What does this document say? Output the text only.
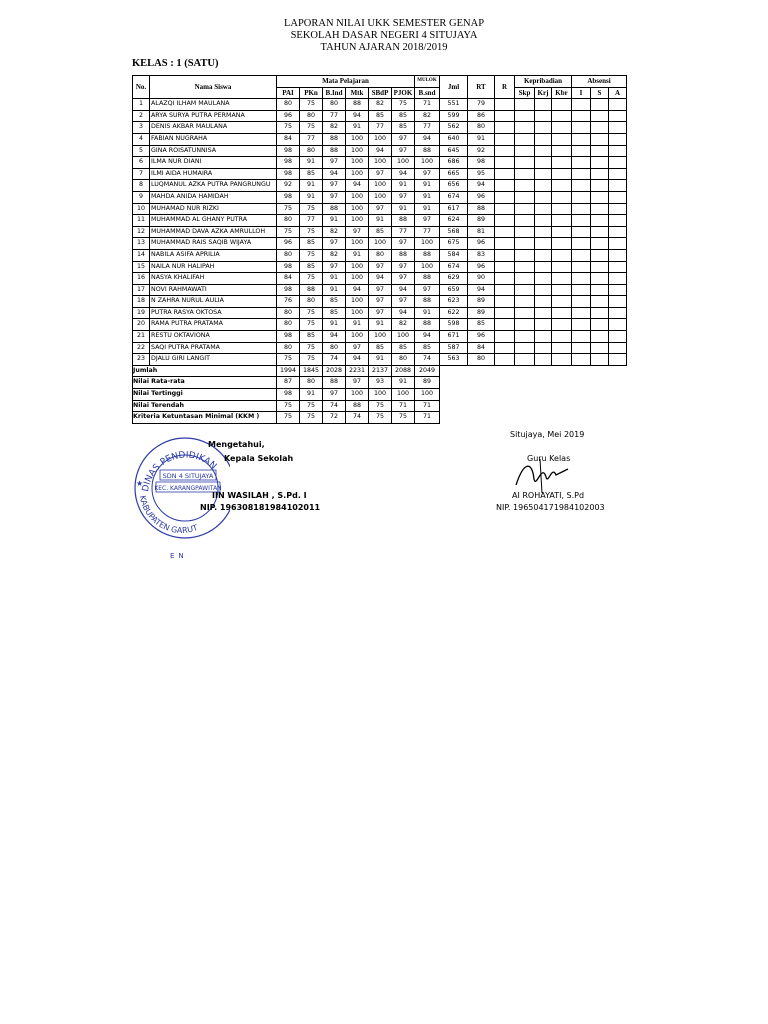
LAPORAN NILAI UKK SEMESTER GENAP
SEKOLAH DASAR NEGERI 4 SITUJAYA
TAHUN AJARAN 2018/2019
KELAS : 1 (SATU)
No.	Nama Siswa	Mata Pelajaran						MULOK	Jml	RT	R	Kepribadian			Absensi		
		PAI	PKn	B.Ind	Mtk	SBdP	PJOK	B.snd				Skp	Krj	Kbr	I	S	A
1	ALAZQI ILHAM MAULANA	80	75	80	88	82	75	71	551	79							
2	ARYA SURYA PUTRA PERMANA	96	80	77	94	85	85	82	599	86							
3	DENIS AKBAR MAULANA	75	75	82	91	77	85	77	562	80							
4	FABIAN NUGRAHA	84	77	88	100	100	97	94	640	91							
5	GINA ROISATUNNISA	98	80	88	100	94	97	88	645	92							
6	ILMA NUR DIANI	98	91	97	100	100	100	100	686	98							
7	ILMI AIDA HUMAIRA	98	85	94	100	97	94	97	665	95							
8	LUQMANUL AZKA PUTRA PANGRUNGU	92	91	97	94	100	91	91	656	94							
9	MAHDA ANIDA HAMIDAH	98	91	97	100	100	97	91	674	96							
10	MUHAMAD NUR RIZKI	75	75	88	100	97	91	91	617	88							
11	MUHAMMAD AL GHANY PUTRA	80	77	91	100	91	88	97	624	89							
12	MUHAMMAD DAVA AZKA AMRULLOH	75	75	82	97	85	77	77	568	81							
13	MUHAMMAD RAIS SAQIB WIJAYA	96	85	97	100	100	97	100	675	96							
14	NABILA ASIFA APRILIA	80	75	82	91	80	88	88	584	83							
15	NAILA NUR HALIPAH	98	85	97	100	97	97	100	674	96							
16	NASYA KHALIFAH	84	75	91	100	94	97	88	629	90							
17	NOVI RAHMAWATI	98	88	91	94	97	94	97	659	94							
18	N ZAHRA NURUL AULIA	76	80	85	100	97	97	88	623	89							
19	PUTRA RASYA OKTOSA	80	75	85	100	97	94	91	622	89							
20	RAMA PUTRA PRATAMA	80	75	91	91	91	82	88	598	85							
21	RESTU OKTAVIONA	98	85	94	100	100	100	94	671	96							
22	SAQI PUTRA PRATAMA	80	75	80	97	85	85	85	587	84							
23	DJALU GIRI LANGIT	75	75	74	94	91	80	74	563	80							
Jumlah		1994	1845	2028	2231	2137	2088	2049									
Nilai Rata-rata		87	80	88	97	93	91	89									
Nilai Tertinggi		98	91	97	100	100	100	100									
Nilai Terendah		75	75	74	88	75	71	71									
Kriteria Ketuntasan Minimal (KKM )		75	75	72	74	75	75	71									
DINAS PENDIDIKAN
KABUPATEN GARUT
SDN 4 SITUJAYA
KEC. KARANGPAWITAN
★
EN
Mengetahui,
Kepala Sekolah
IIN WASILAH , S.Pd. I
NIP. 196308181984102011
Situjaya, Mei 2019
Guru Kelas
AI ROHAYATI, S.Pd
NIP. 196504171984102003
